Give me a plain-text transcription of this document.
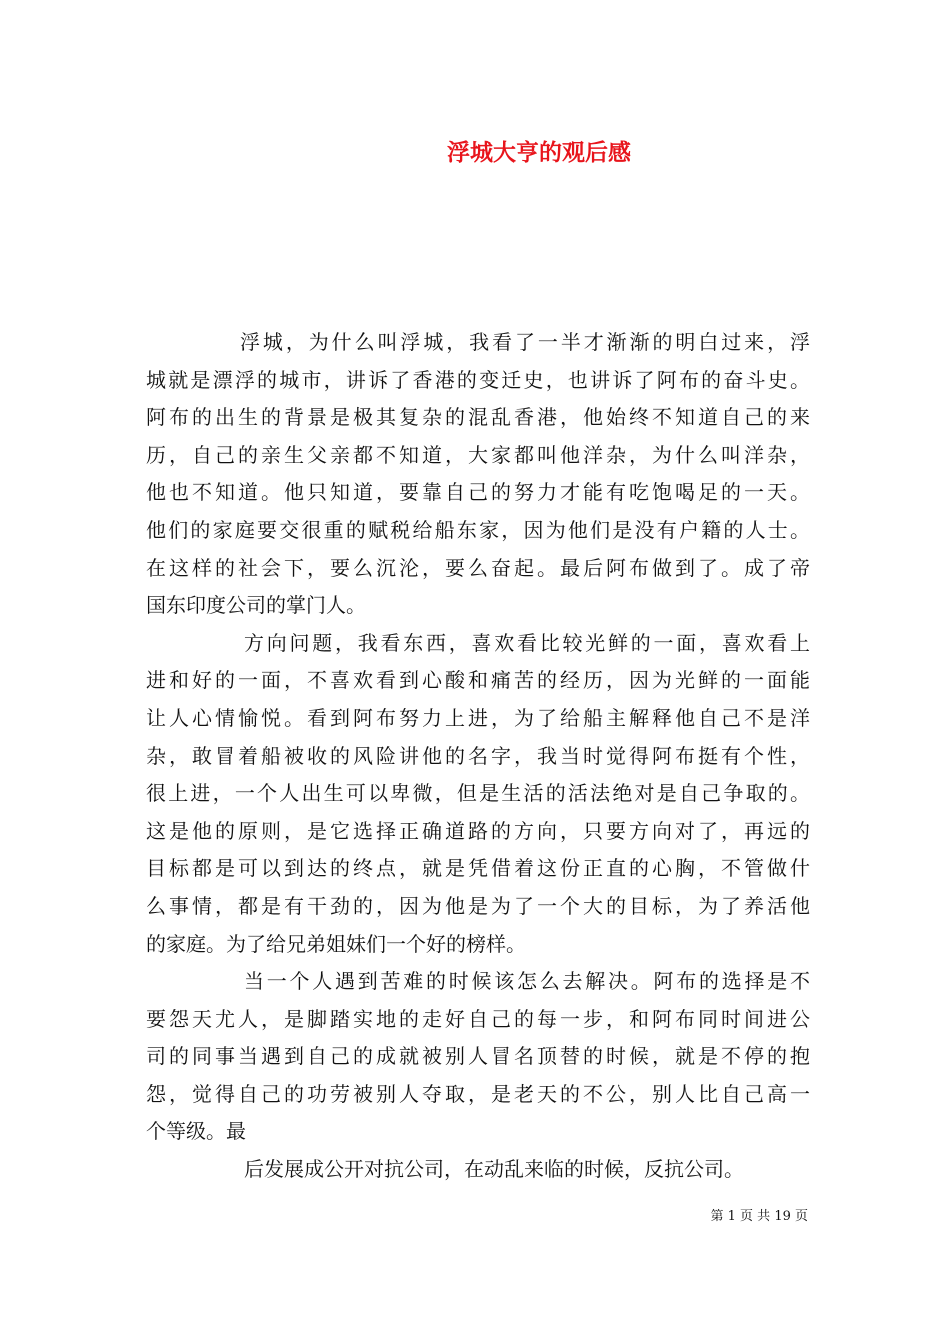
浮城大亨的观后感
浮城，为什么叫浮城，我看了一半才渐渐的明白过来，浮
城就是漂浮的城市，讲诉了香港的变迁史，也讲诉了阿布的奋斗史。
阿布的出生的背景是极其复杂的混乱香港，他始终不知道自己的来
历，自己的亲生父亲都不知道，大家都叫他洋杂，为什么叫洋杂，
他也不知道。他只知道，要靠自己的努力才能有吃饱喝足的一天。
他们的家庭要交很重的赋税给船东家，因为他们是没有户籍的人士。
在这样的社会下，要么沉沦，要么奋起。最后阿布做到了。成了帝
国东印度公司的掌门人。
方向问题，我看东西，喜欢看比较光鲜的一面，喜欢看上
进和好的一面，不喜欢看到心酸和痛苦的经历，因为光鲜的一面能
让人心情愉悦。看到阿布努力上进，为了给船主解释他自己不是洋
杂，敢冒着船被收的风险讲他的名字，我当时觉得阿布挺有个性，
很上进，一个人出生可以卑微，但是生活的活法绝对是自己争取的。
这是他的原则，是它选择正确道路的方向，只要方向对了，再远的
目标都是可以到达的终点，就是凭借着这份正直的心胸，不管做什
么事情，都是有干劲的，因为他是为了一个大的目标，为了养活他
的家庭。为了给兄弟姐妹们一个好的榜样。
当一个人遇到苦难的时候该怎么去解决。阿布的选择是不
要怨天尤人，是脚踏实地的走好自己的每一步，和阿布同时间进公
司的同事当遇到自己的成就被别人冒名顶替的时候，就是不停的抱
怨，觉得自己的功劳被别人夺取，是老天的不公，别人比自己高一
个等级。最
后发展成公开对抗公司，在动乱来临的时候，反抗公司。
第 1 页 共 19 页
